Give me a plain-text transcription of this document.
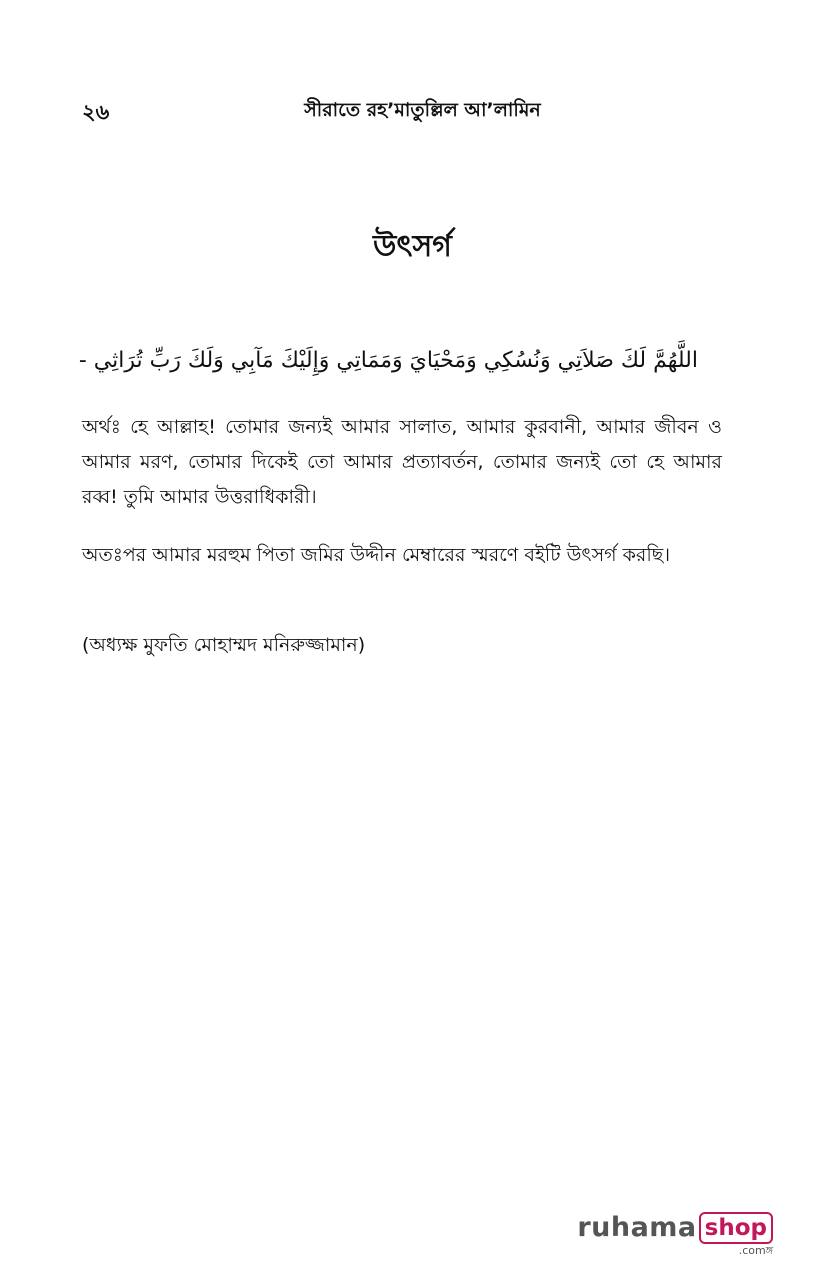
২৬	সীরাতে রহ’মাতুল্লিল আ’লামিন
উৎসর্গ
اللَّهُمَّ لَكَ صَلاَتِي وَنُسُكِي وَمَحْيَايَ وَمَمَاتِي وَإِلَيْكَ مَآبِي وَلَكَ رَبِّ تُرَاثِي -
অর্থঃ হে আল্লাহ! তোমার জন্যই আমার সালাত, আমার কুরবানী, আমার জীবন ও আমার মরণ, তোমার দিকেই তো আমার প্রত্যাবর্তন, তোমার জন্যই তো হে আমার রব্ব! তুমি আমার উত্তরাধিকারী।
অতঃপর আমার মরহুম পিতা জমির উদ্দীন মেম্বারের স্মরণে বইটি উৎসর্গ করছি।
(অধ্যক্ষ মুফতি মোহাম্মদ মনিরুজ্জামান)
ruhama shop
.comঙ্গ
